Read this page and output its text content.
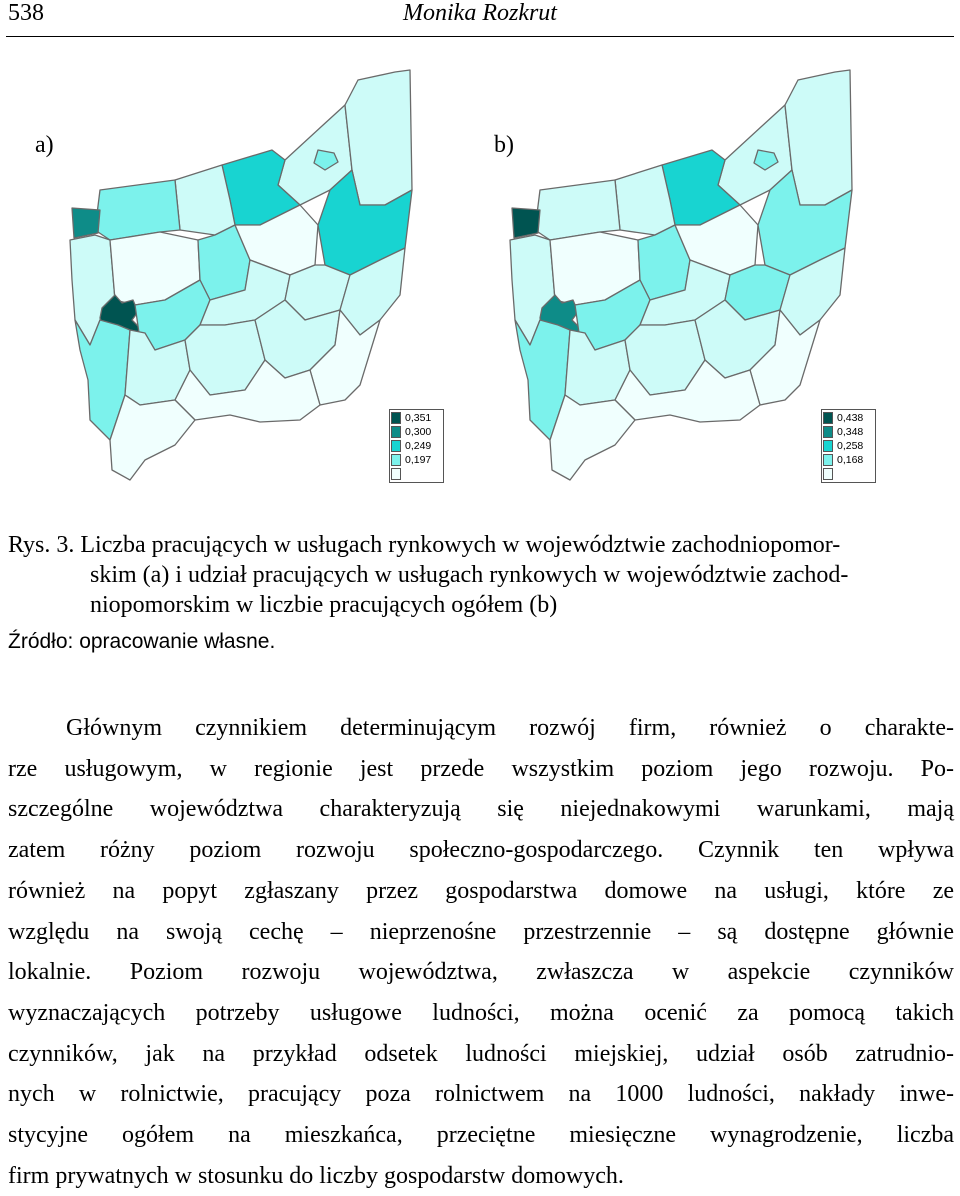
538	Monika Rozkrut
a)	b)
0,351
0,300
0,249
0,197
0,438
0,348
0,258
0,168
Rys. 3. Liczba pracujących w usługach rynkowych w województwie zachodniopomor-
skim (a) i udział pracujących w usługach rynkowych w województwie zachod-
niopomorskim w liczbie pracujących ogółem (b)
Źródło: opracowanie własne.
Głównym czynnikiem determinującym rozwój firm, również o charakte-
rze usługowym, w regionie jest przede wszystkim poziom jego rozwoju. Po-
szczególne województwa charakteryzują się niejednakowymi warunkami, mają
zatem różny poziom rozwoju społeczno-gospodarczego. Czynnik ten wpływa
również na popyt zgłaszany przez gospodarstwa domowe na usługi, które ze
względu na swoją cechę – nieprzenośne przestrzennie – są dostępne głównie
lokalnie. Poziom rozwoju województwa, zwłaszcza w aspekcie czynników
wyznaczających potrzeby usługowe ludności, można ocenić za pomocą takich
czynników, jak na przykład odsetek ludności miejskiej, udział osób zatrudnio-
nych w rolnictwie, pracujący poza rolnictwem na 1000 ludności, nakłady inwe-
stycyjne ogółem na mieszkańca, przeciętne miesięczne wynagrodzenie, liczba
firm prywatnych w stosunku do liczby gospodarstw domowych.
